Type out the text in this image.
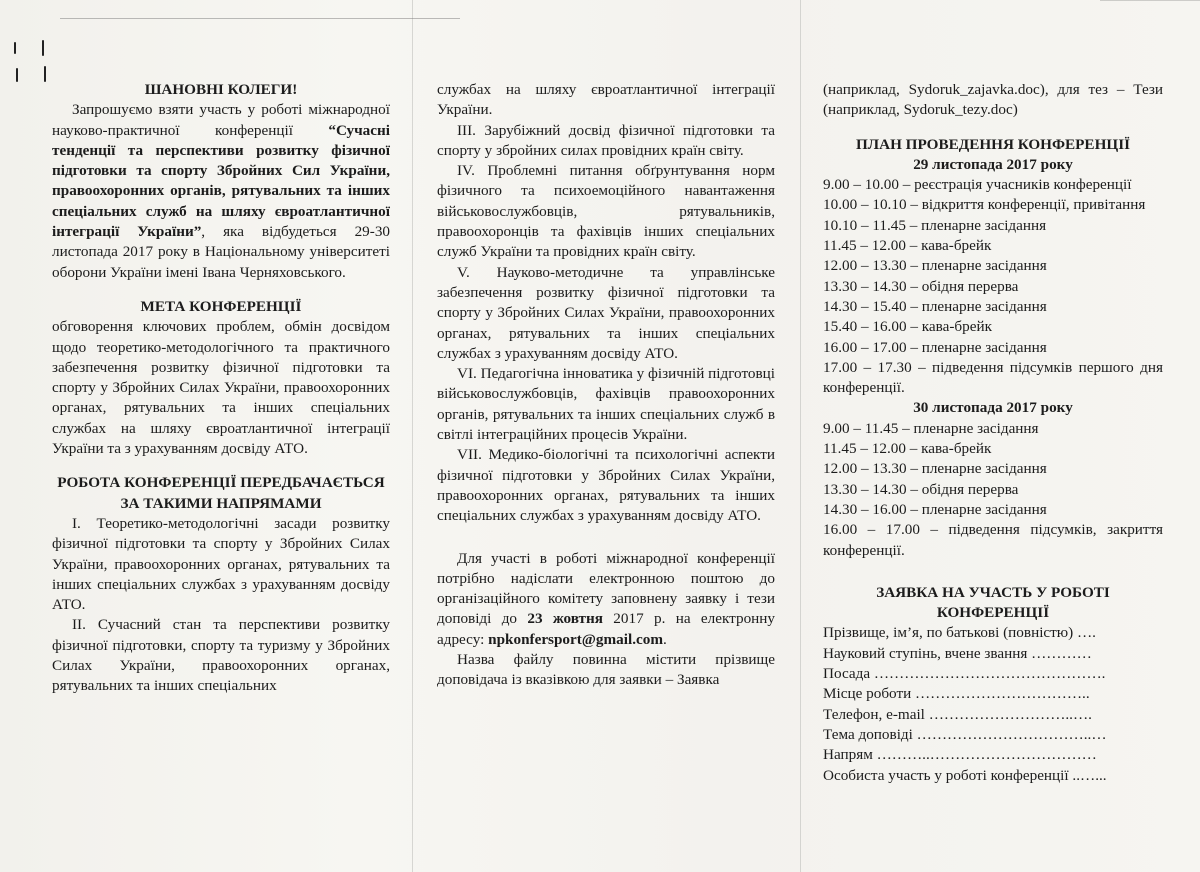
ШАНОВНІ КОЛЕГИ!

Запрошуємо взяти участь у роботі міжнародної науково-практичної конференції “Сучасні тенденції та перспективи розвитку фізичної підготовки та спорту Збройних Сил України, правоохоронних органів, рятувальних та інших спеціальних служб на шляху євроатлантичної інтеграції України”, яка відбудеться 29-30 листопада 2017 року в Національному університеті оборони України імені Івана Черняховського.

МЕТА КОНФЕРЕНЦІЇ

обговорення ключових проблем, обмін досвідом щодо теоретико-методологічного та практичного забезпечення розвитку фізичної підготовки та спорту у Збройних Силах України, правоохоронних органах, рятувальних та інших спеціальних службах на шляху євроатлантичної інтеграції України та з урахуванням досвіду АТО.

РОБОТА КОНФЕРЕНЦІЇ ПЕРЕДБАЧАЄТЬСЯ ЗА ТАКИМИ НАПРЯМАМИ

I. Теоретико-методологічні засади розвитку фізичної підготовки та спорту у Збройних Силах України, правоохоронних органах, рятувальних та інших спеціальних службах з урахуванням досвіду АТО.

II. Сучасний стан та перспективи розвитку фізичної підготовки, спорту та туризму у Збройних Силах України, правоохоронних органах, рятувальних та інших спеціальних

службах на шляху євроатлантичної інтеграції України.

III. Зарубіжний досвід фізичної підготовки та спорту у збройних силах провідних країн світу.

IV. Проблемні питання обґрунтування норм фізичного та психоемоційного навантаження військовослужбовців, рятувальників, правоохоронців та фахівців інших спеціальних служб України та провідних країн світу.

V. Науково-методичне та управлінське забезпечення розвитку фізичної підготовки та спорту у Збройних Силах України, правоохоронних органах, рятувальних та інших спеціальних службах з урахуванням досвіду АТО.

VI. Педагогічна інноватика у фізичній підготовці військовослужбовців, фахівців правоохоронних органів, рятувальних та інших спеціальних служб в світлі інтеграційних процесів України.

VII. Медико-біологічні та психологічні аспекти фізичної підготовки у Збройних Силах України, правоохоронних органах, рятувальних та інших спеціальних службах з урахуванням досвіду АТО.

Для участі в роботі міжнародної конференції потрібно надіслати електронною поштою до організаційного комітету заповнену заявку і тези доповіді до 23 жовтня 2017 р. на електронну адресу: npkonfersport@gmail.com.

Назва файлу повинна містити прізвище доповідача із вказівкою для заявки – Заявка

(наприклад, Sydoruk_zajavka.doc), для тез – Тези (наприклад, Sydoruk_tezy.doc)

ПЛАН ПРОВЕДЕННЯ КОНФЕРЕНЦІЇ
29 листопада 2017 року

9.00 – 10.00 – реєстрація учасників конференції

10.00 – 10.10 – відкриття конференції, привітання

10.10 – 11.45 – пленарне засідання

11.45 – 12.00 – кава-брейк

12.00 – 13.30 – пленарне засідання

13.30 – 14.30 – обідня перерва

14.30 – 15.40 – пленарне засідання

15.40 – 16.00 – кава-брейк

16.00 – 17.00 – пленарне засідання

17.00 – 17.30 – підведення підсумків першого дня конференції.

30 листопада 2017 року

9.00 – 11.45 – пленарне засідання

11.45 – 12.00 – кава-брейк

12.00 – 13.30 – пленарне засідання

13.30 – 14.30 – обідня перерва

14.30 – 16.00 – пленарне засідання

16.00 – 17.00 – підведення підсумків, закриття конференції.

ЗАЯВКА НА УЧАСТЬ У РОБОТІ КОНФЕРЕНЦІЇ

Прізвище, ім’я, по батькові (повністю) ….

Науковий ступінь, вчене звання …………

Посада ……………………………………….

Місце роботи ……………………………..

Телефон, e-mail ………………………..….

Тема доповіді ……………………………..…

Напрям ………..……………………………

Особиста участь у роботі конференції ..…...
